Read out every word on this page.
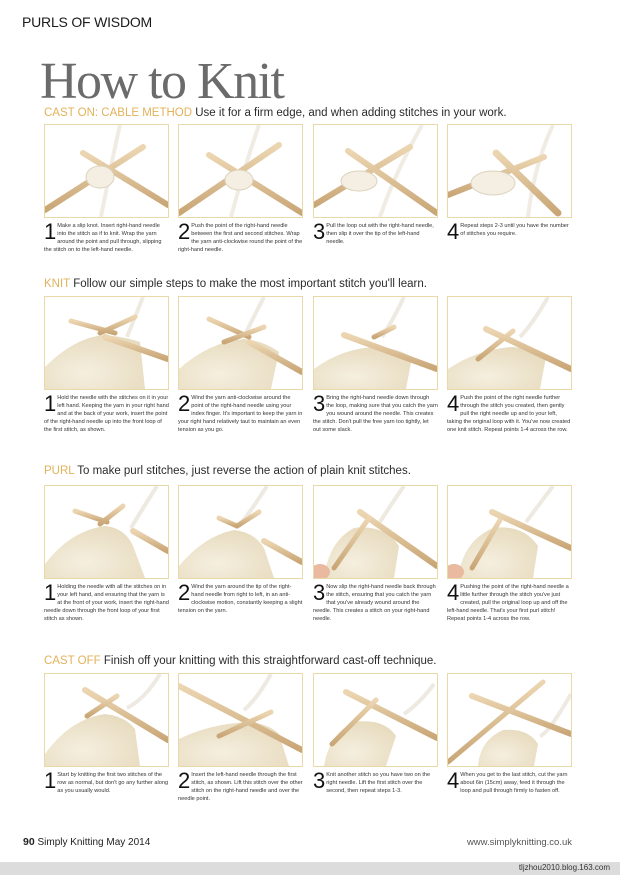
PURLS OF WISDOM
How to Knit
CAST ON: CABLE METHOD Use it for a firm edge, and when adding stitches in your work.
1 Make a slip knot. Insert right-hand needle into the stitch as if to knit. Wrap the yarn around the point and pull through, slipping the stitch on to the left-hand needle.
2 Push the point of the right-hand needle between the first and second stitches. Wrap the yarn anti-clockwise round the point of the right-hand needle.
3 Pull the loop out with the right-hand needle, then slip it over the tip of the left-hand needle.	4 Repeat steps 2-3 until you have the number of stitches you require.
KNIT Follow our simple steps to make the most important stitch you'll learn.
1 Hold the needle with the stitches on it in your left hand. Keeping the yarn in your right hand and at the back of your work, insert the point of the right-hand needle up into the front loop of the first stitch, as shown.
2 Wind the yarn anti-clockwise around the point of the right-hand needle using your index finger. It's important to keep the yarn in your right hand relatively taut to maintain an even tension as you go.
3 Bring the right-hand needle down through the loop, making sure that you catch the yarn you wound around the needle. This creates the stitch. Don't pull the free yarn too tightly, let out some slack.
4 Push the point of the right needle further through the stitch you created, then gently pull the right needle up and to your left, taking the original loop with it. You've now created one knit stitch. Repeat points 1-4 across the row.
PURL To make purl stitches, just reverse the action of plain knit stitches.
1 Holding the needle with all the stitches on in your left hand, and ensuring that the yarn is at the front of your work, insert the right-hand needle down through the front loop of your first stitch as shown.
2 Wind the yarn around the tip of the right-hand needle from right to left, in an anti-clockwise motion, constantly keeping a slight tension on the yarn.
3 Now slip the right-hand needle back through the stitch, ensuring that you catch the yarn that you've already wound around the needle. This creates a stitch on your right-hand needle.
4 Pushing the point of the right-hand needle a little further through the stitch you've just created, pull the original loop up and off the left-hand needle. That's your first purl stitch! Repeat points 1-4 across the row.
CAST OFF Finish off your knitting with this straightforward cast-off technique.
1 Start by knitting the first two stitches of the row as normal, but don't go any further along as you usually would.	2 Insert the left-hand needle through the first stitch, as shown. Lift this stitch over the other stitch on the right-hand needle and over the needle point.
3 Knit another stitch so you have two on the right needle. Lift the first stitch over the second, then repeat steps 1-3.	4 When you get to the last stitch, cut the yarn about 6in (15cm) away, feed it through the loop and pull through firmly to fasten off.
90 Simply Knitting May 2014	www.simplyknitting.co.uk
tljzhou2010.blog.163.com
